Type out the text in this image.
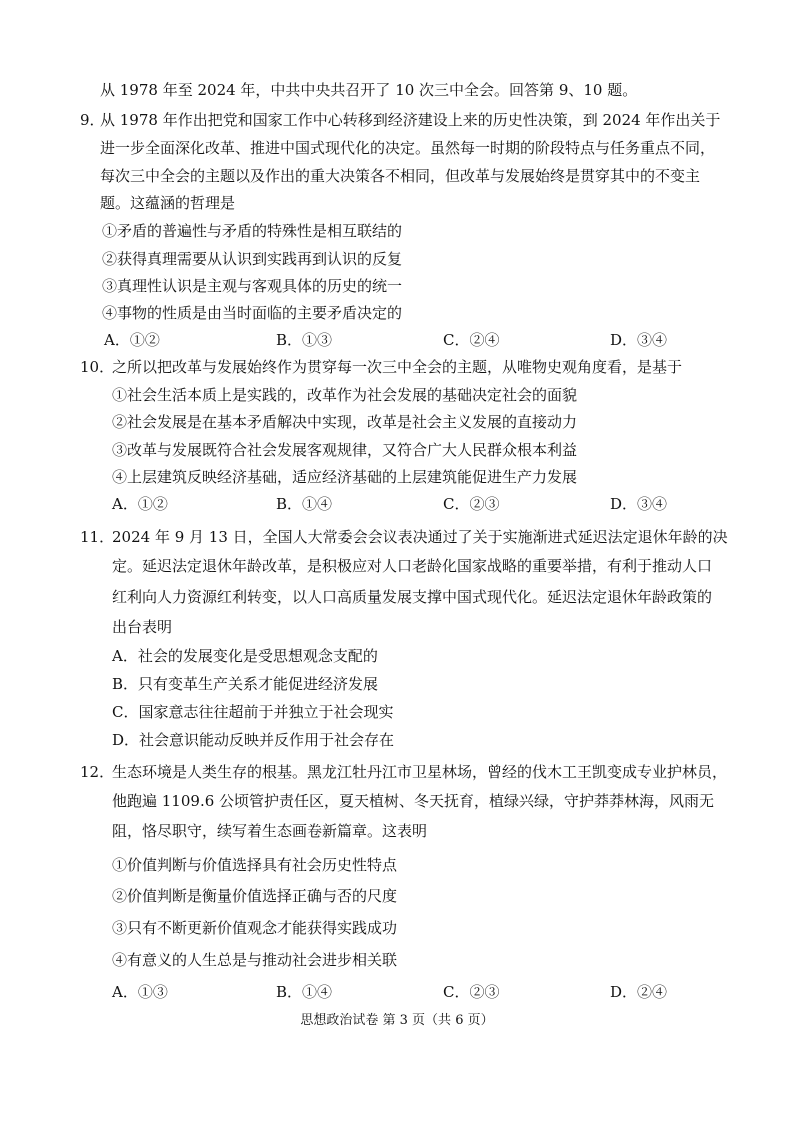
从 1978 年至 2024 年，中共中央共召开了 10 次三中全会。回答第 9、10 题。
9．
从 1978 年作出把党和国家工作中心转移到经济建设上来的历史性决策，到 2024 年作出关于
进一步全面深化改革、推进中国式现代化的决定。虽然每一时期的阶段特点与任务重点不同，
每次三中全会的主题以及作出的重大决策各不相同，但改革与发展始终是贯穿其中的不变主
题。这蕴涵的哲理是
①矛盾的普遍性与矛盾的特殊性是相互联结的
②获得真理需要从认识到实践再到认识的反复
③真理性认识是主观与客观具体的历史的统一
④事物的性质是由当时面临的主要矛盾决定的
A．①②	B．①③	C．②④	D．③④
10．
之所以把改革与发展始终作为贯穿每一次三中全会的主题，从唯物史观角度看，是基于
①社会生活本质上是实践的，改革作为社会发展的基础决定社会的面貌
②社会发展是在基本矛盾解决中实现，改革是社会主义发展的直接动力
③改革与发展既符合社会发展客观规律，又符合广大人民群众根本利益
④上层建筑反映经济基础，适应经济基础的上层建筑能促进生产力发展
A．①②	B．①④	C．②③	D．③④
11．
2024 年 9 月 13 日，全国人大常委会会议表决通过了关于实施渐进式延迟法定退休年龄的决
定。延迟法定退休年龄改革，是积极应对人口老龄化国家战略的重要举措，有利于推动人口
红利向人力资源红利转变，以人口高质量发展支撑中国式现代化。延迟法定退休年龄政策的
出台表明
A．社会的发展变化是受思想观念支配的
B．只有变革生产关系才能促进经济发展
C．国家意志往往超前于并独立于社会现实
D．社会意识能动反映并反作用于社会存在
12．
生态环境是人类生存的根基。黑龙江牡丹江市卫星林场，曾经的伐木工王凯变成专业护林员，
他跑遍 1109.6 公顷管护责任区，夏天植树、冬天抚育，植绿兴绿，守护莽莽林海，风雨无
阻，恪尽职守，续写着生态画卷新篇章。这表明
①价值判断与价值选择具有社会历史性特点
②价值判断是衡量价值选择正确与否的尺度
③只有不断更新价值观念才能获得实践成功
④有意义的人生总是与推动社会进步相关联
A．①③	B．①④	C．②③	D．②④
思想政治试卷 第 3 页（共 6 页）
